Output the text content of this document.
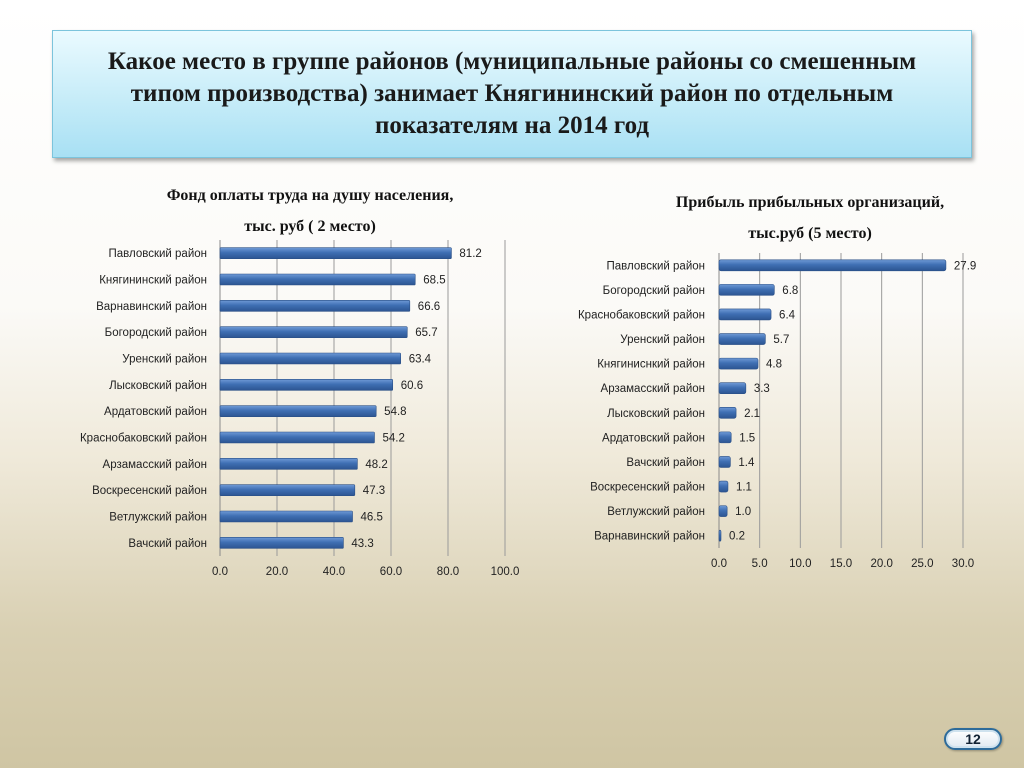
Какое место в группе районов (муниципальные районы со смешенным типом производства) занимает Княгининский район по отдельным показателям на 2014 год
Фонд оплаты труда на душу населения,
тыс. руб ( 2 место)
Прибыль прибыльных организаций,
тыс.руб (5 место)
0.0	20.0	40.0	60.0	80.0	100.0
Павловский район	81.2
Княгининский район	68.5
Варнавинский район	66.6
Богородский район	65.7
Уренский район	63.4
Лысковский район	60.6
Ардатовский район	54.8
Краснобаковский район	54.2
Арзамасский район	48.2
Воскресенский район	47.3
Ветлужский район	46.5
Вачский район	43.3
0.0 5.0 10.0 15.0 20.0 25.0 30.0
Павловский район	27.9
Богородский район	6.8
Краснобаковский район	6.4
Уренский район	5.7
Княгиниснкий район	4.8
Арзамасский район	3.3
Лысковский район	2.1
Ардатовский район	1.5
Вачский район	1.4
Воскресенский район	1.1
Ветлужский район	1.0
Варнавинский район 0.2
12
